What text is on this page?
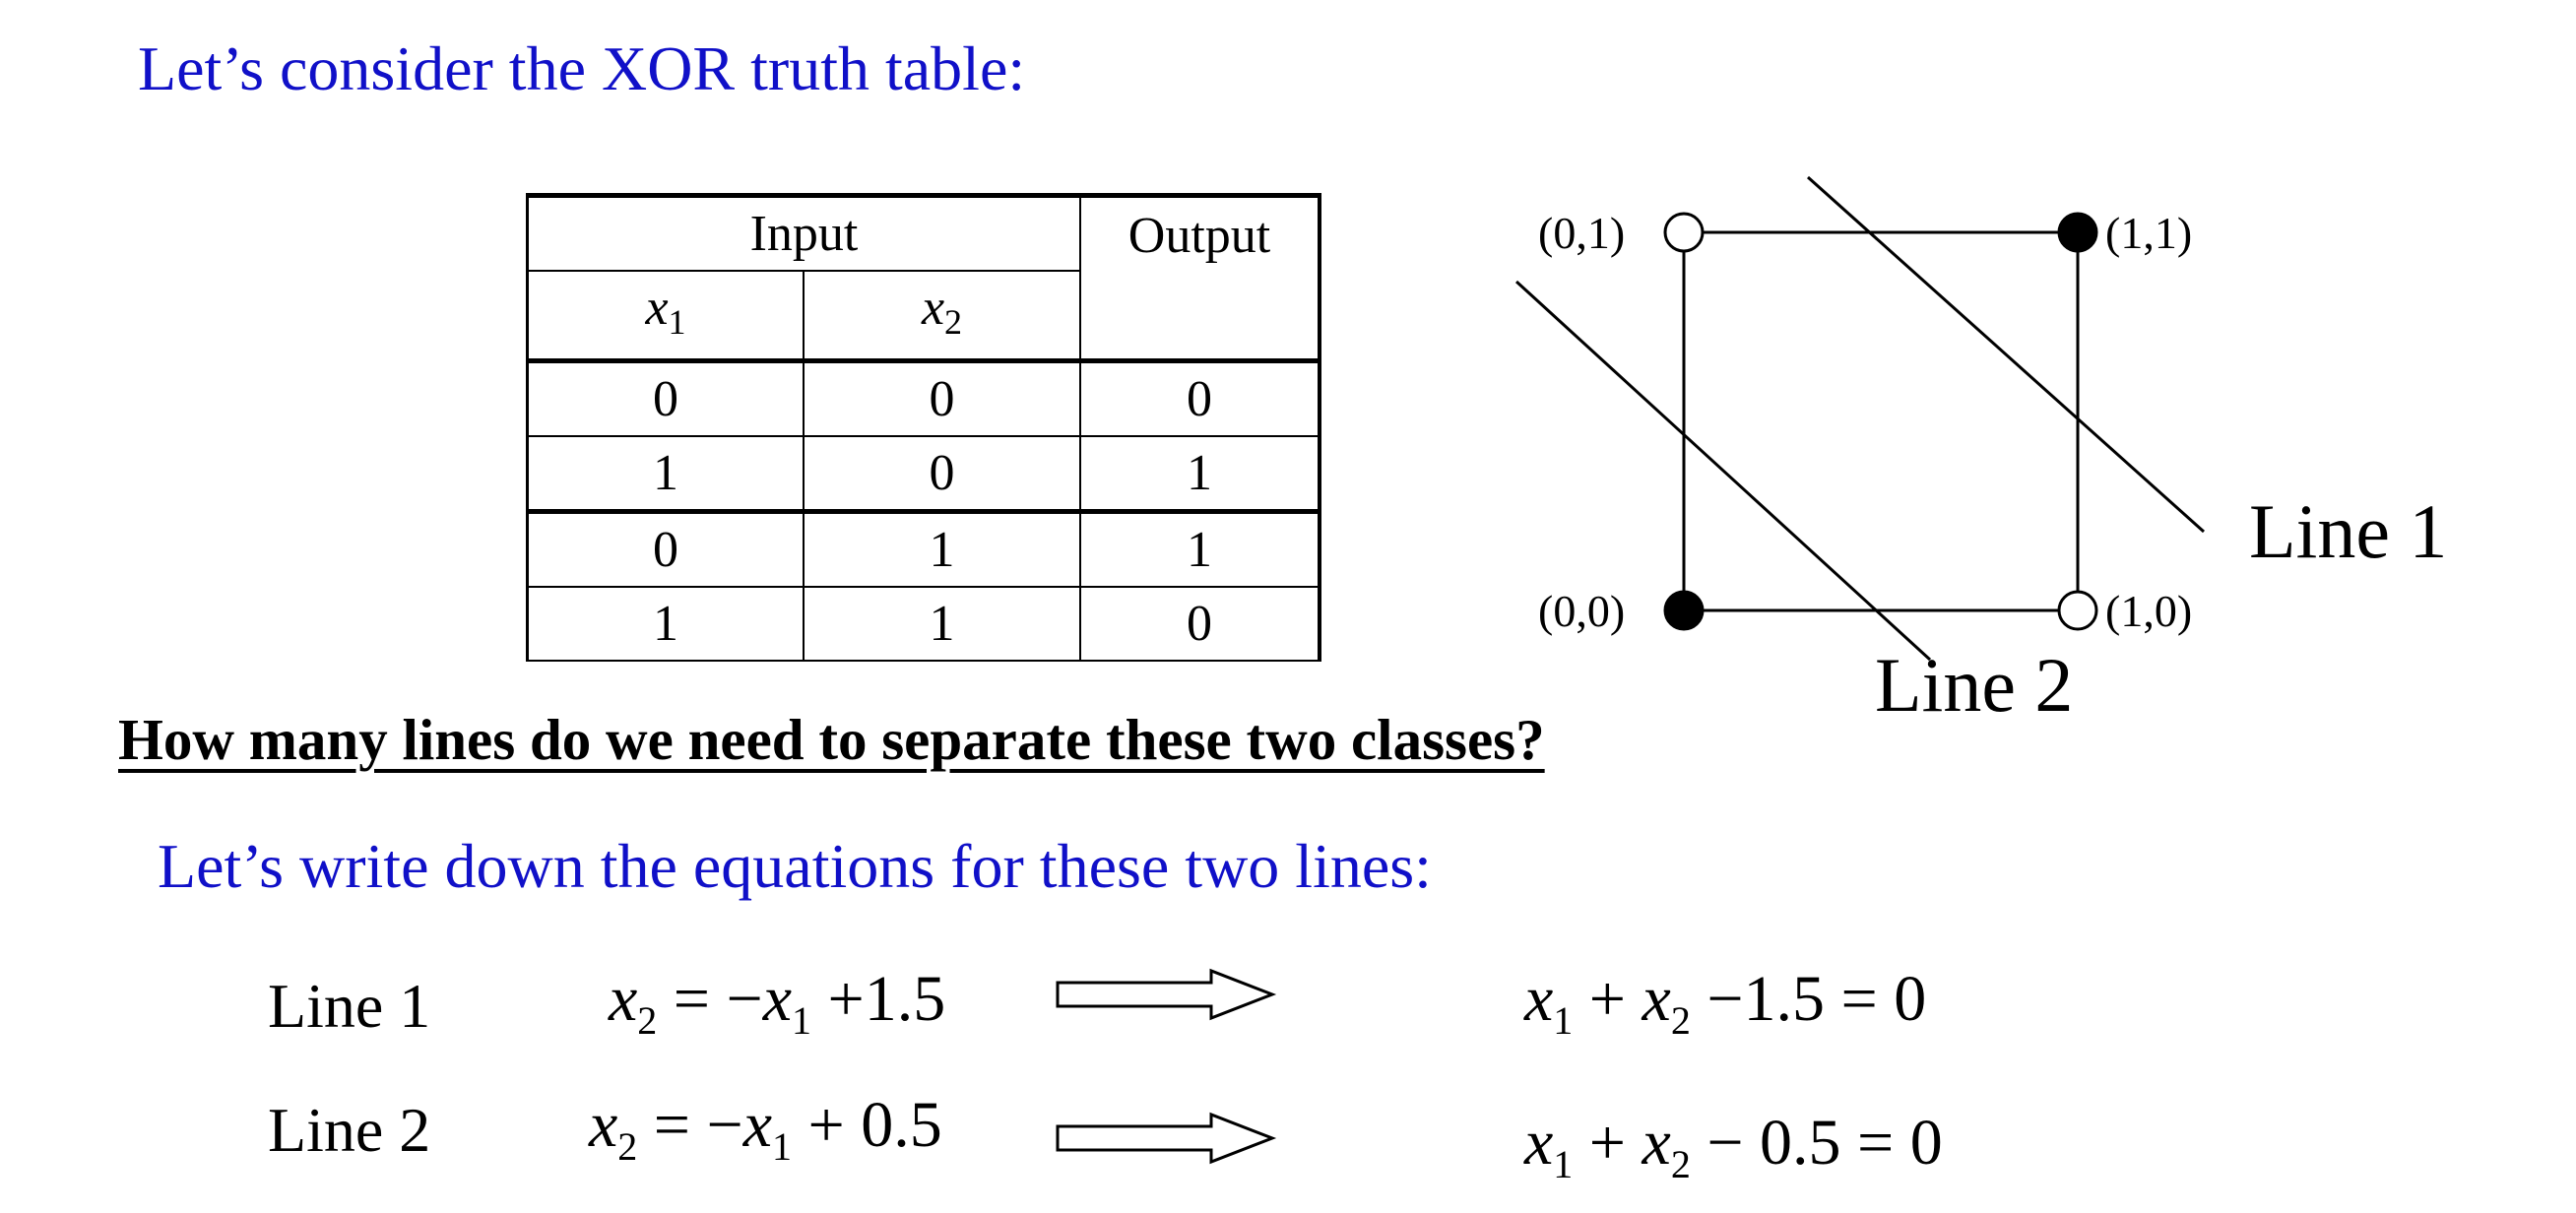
Let’s consider the XOR truth table:
Input		Output
$x_1$	$x_2$
0	0	0
1	0	1
0	1	1
1	1	0
(0,1)	(1,1)
(0,0)	(1,0)
Line 1
Line 2
How many lines do we need to separate these two classes?
Let’s write down the equations for these two lines:
Line 1	$x_2 = -x_1 +1.5$	$x_1 + x_2 -1.5 = 0$
Line 2 $x_2 = -x_1 + 0.5$	$x_1 + x_2 - 0.5 = 0$
